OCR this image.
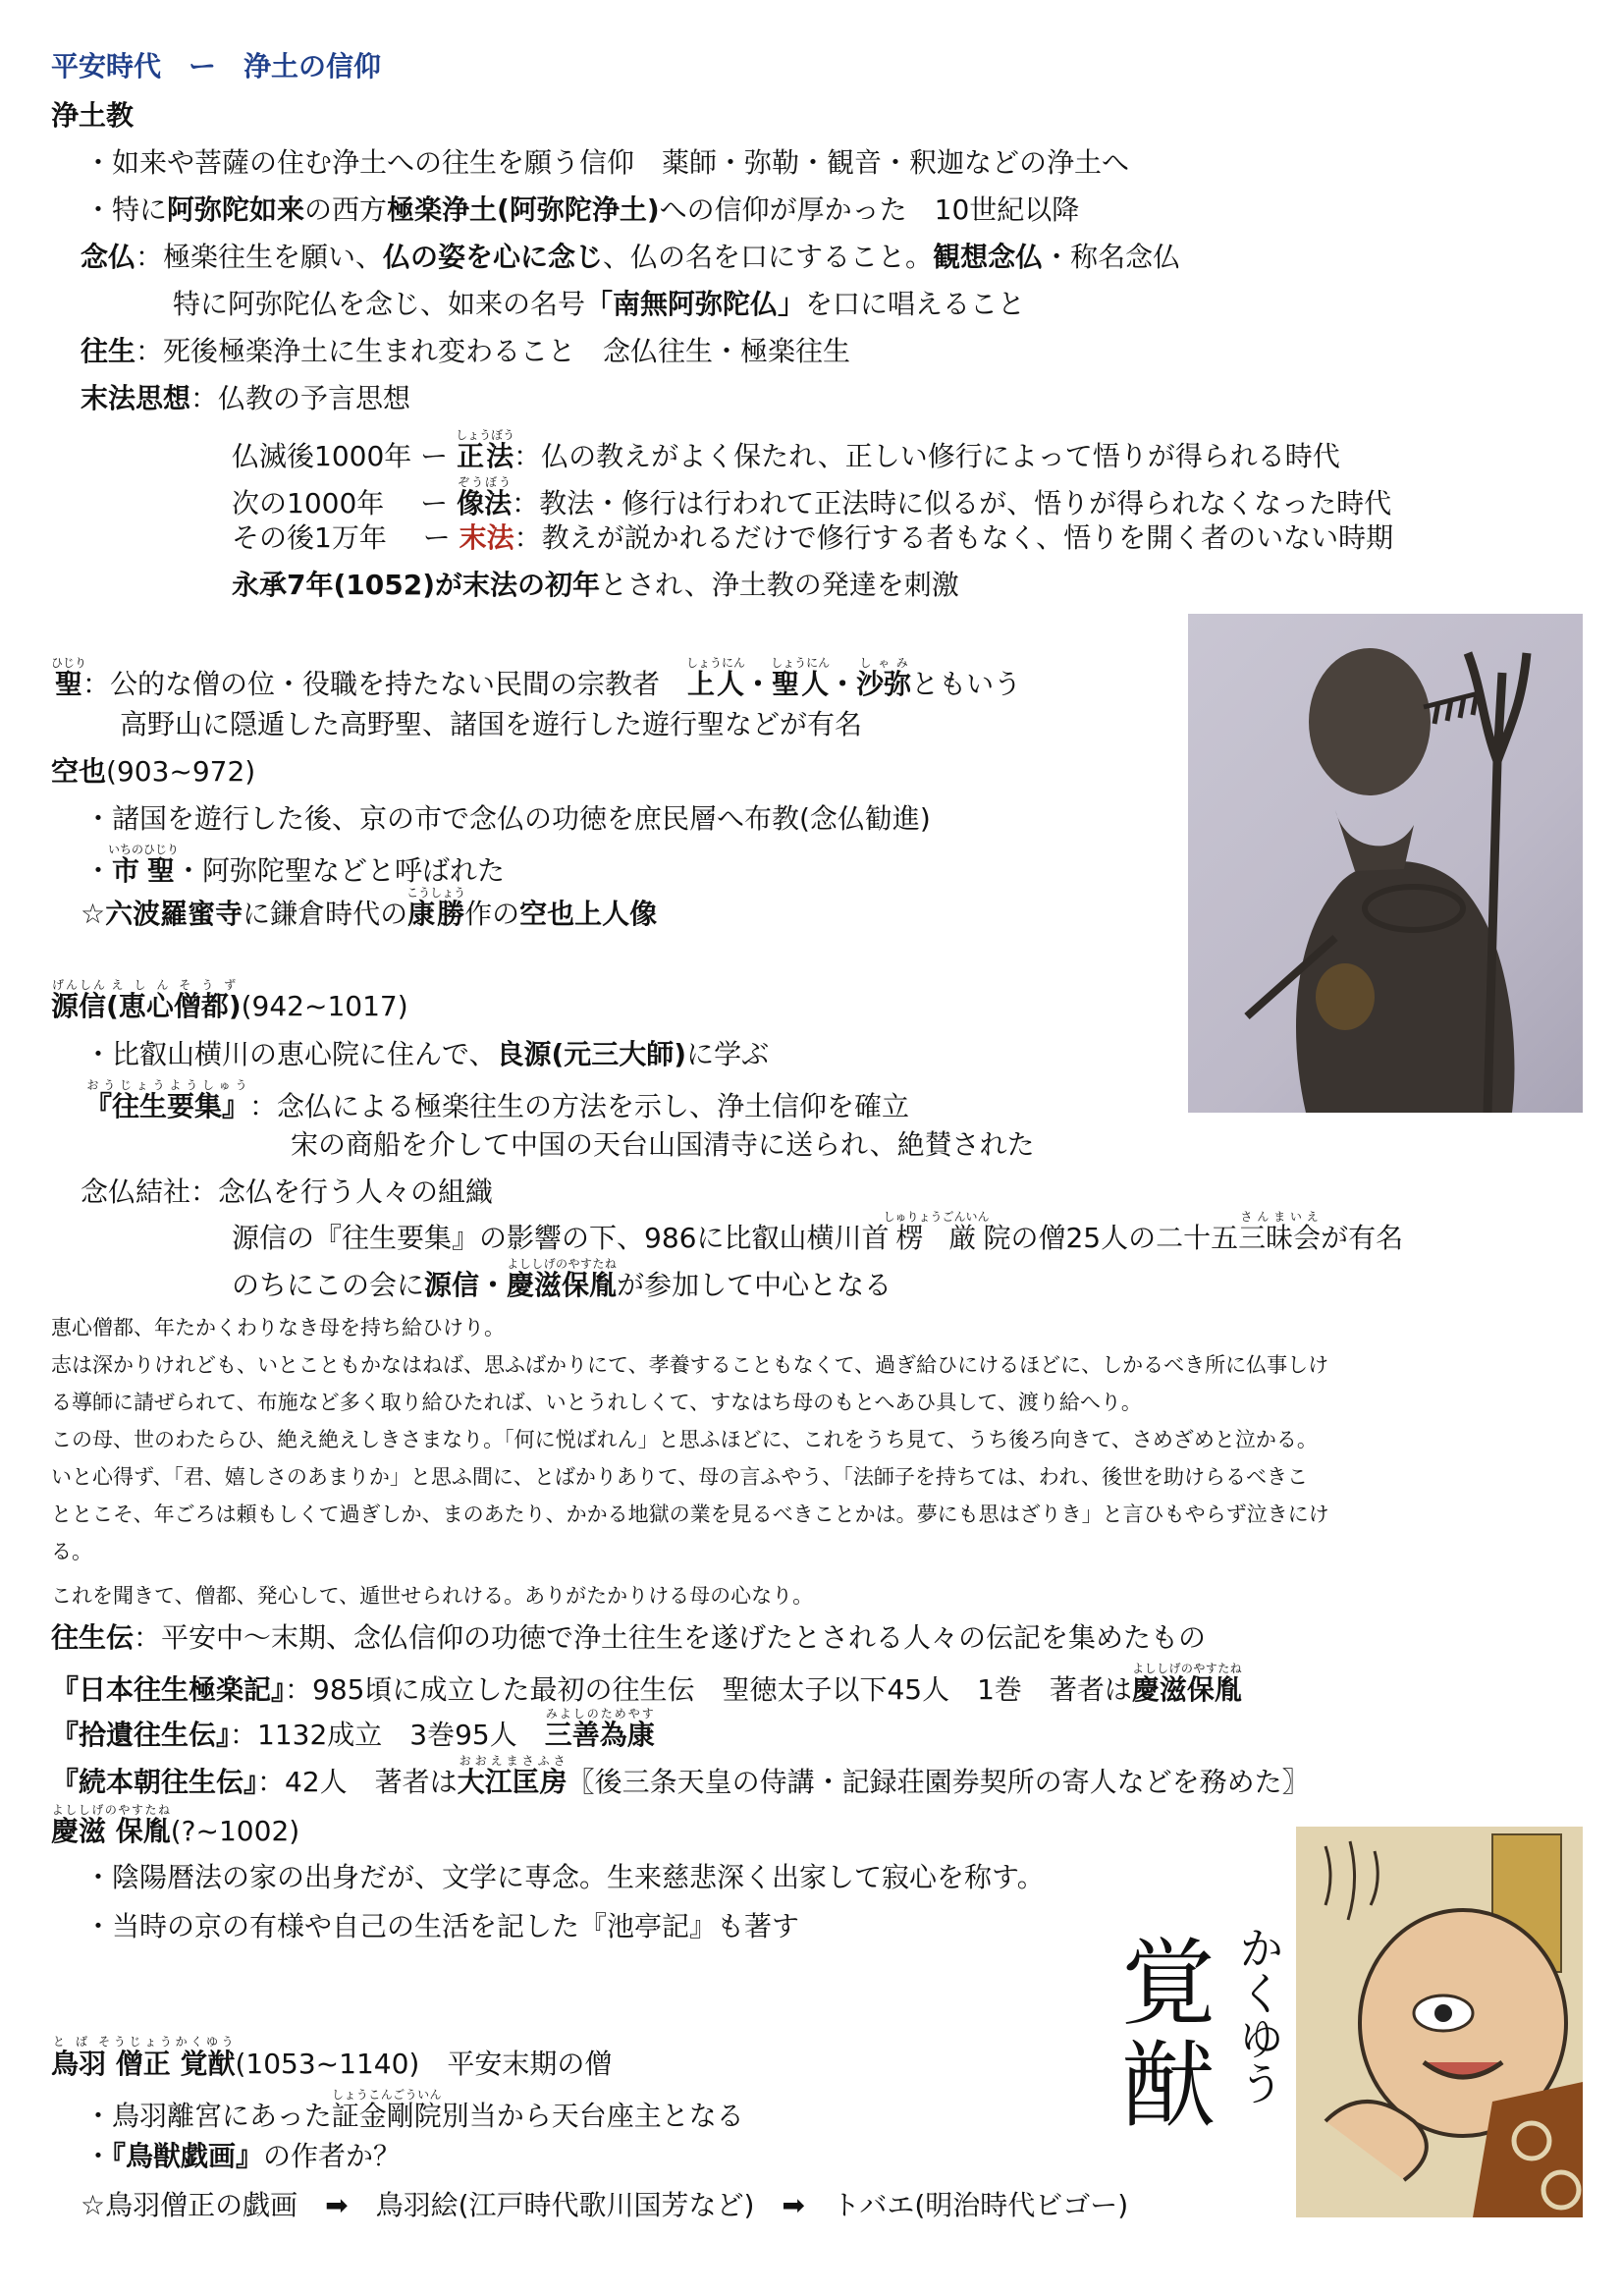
平安時代　ー　浄土の信仰
浄土教
・如来や菩薩の住む浄土への往生を願う信仰　薬師・弥勒・観音・釈迦などの浄土へ
・特に阿弥陀如来の西方極楽浄土(阿弥陀浄土)への信仰が厚かった　10世紀以降
念仏：極楽往生を願い、仏の姿を心に念じ、仏の名を口にすること。観想念仏・称名念仏
特に阿弥陀仏を念じ、如来の名号「南無阿弥陀仏」を口に唱えること
往生：死後極楽浄土に生まれ変わること　念仏往生・極楽往生
末法思想：仏教の予言思想
仏滅後1000年 ー 正法しょうぼう：仏の教えがよく保たれ、正しい修行によって悟りが得られる時代
次の1000年　 ー 像法ぞうぼう：教法・修行は行われて正法時に似るが、悟りが得られなくなった時代
その後1万年　 ー 末法：教えが説かれるだけで修行する者もなく、悟りを開く者のいない時期
永承7年(1052)が末法の初年とされ、浄土教の発達を刺激
聖ひじり：公的な僧の位・役職を持たない民間の宗教者　上人しょうにん・聖人しょうにん・沙弥しゃみともいう
高野山に隠遁した高野聖、諸国を遊行した遊行聖などが有名
空也(903~972)
・諸国を遊行した後、京の市で念仏の功徳を庶民層へ布教(念仏勧進)
・市聖いちのひじり・阿弥陀聖などと呼ばれた
☆六波羅蜜寺に鎌倉時代の康勝こうしょう作の空也上人像
源信げんしん(恵心僧都)えしんそうず(942~1017)
・比叡山横川の恵心院に住んで、良源(元三大師)に学ぶ
『往生要集』おうじょうようしゅう：念仏による極楽往生の方法を示し、浄土信仰を確立
宋の商船を介して中国の天台山国清寺に送られ、絶賛された
念仏結社：念仏を行う人々の組織
源信の『往生要集』の影響の下、986に比叡山横川首楞厳しゅりょうごんいん院の僧25人の二十五三昧会さんまいえが有名
のちにこの会に源信・慶滋保胤よししげのやすたねが参加して中心となる
恵心僧都、年たかくわりなき母を持ち給ひけり。
志は深かりけれども、いとこともかなはねば、思ふばかりにて、孝養することもなくて、過ぎ給ひにけるほどに、しかるべき所に仏事しけ
る導師に請ぜられて、布施など多く取り給ひたれば、いとうれしくて、すなはち母のもとへあひ具して、渡り給へり。
この母、世のわたらひ、絶え絶えしきさまなり。「何に悦ばれん」と思ふほどに、これをうち見て、うち後ろ向きて、さめざめと泣かる。
いと心得ず、「君、嬉しさのあまりか」と思ふ間に、とばかりありて、母の言ふやう、「法師子を持ちては、われ、後世を助けらるべきこ
ととこそ、年ごろは頼もしくて過ぎしか、まのあたり、かかる地獄の業を見るべきことかは。夢にも思はざりき」と言ひもやらず泣きにけ
る。
これを聞きて、僧都、発心して、遁世せられける。ありがたかりける母の心なり。
往生伝：平安中〜末期、念仏信仰の功徳で浄土往生を遂げたとされる人々の伝記を集めたもの
『日本往生極楽記』：985頃に成立した最初の往生伝　聖徳太子以下45人　1巻　著者は慶滋保胤よししげのやすたね
『拾遺往生伝』：1132成立　3巻95人　三善為康みよしのためやす
『続本朝往生伝』：42人　著者は大江匡房おおえまさふさ〖後三条天皇の侍講・記録荘園券契所の寄人などを務めた〗
慶滋 保胤よししげのやすたね(?~1002)
・陰陽暦法の家の出身だが、文学に専念。生来慈悲深く出家して寂心を称す。
・当時の京の有様や自己の生活を記した『池亭記』も著す
鳥羽 僧正 覚猷と ば そうじょうかくゆう(1053~1140)　平安末期の僧
・鳥羽離宮にあった証金剛院しょうこんごういん別当から天台座主となる
・『鳥獣戯画』の作者か？
☆鳥羽僧正の戯画　➡　鳥羽絵(江戸時代歌川国芳など)　➡　トバエ(明治時代ビゴー)
覚
猷 かくゆう
